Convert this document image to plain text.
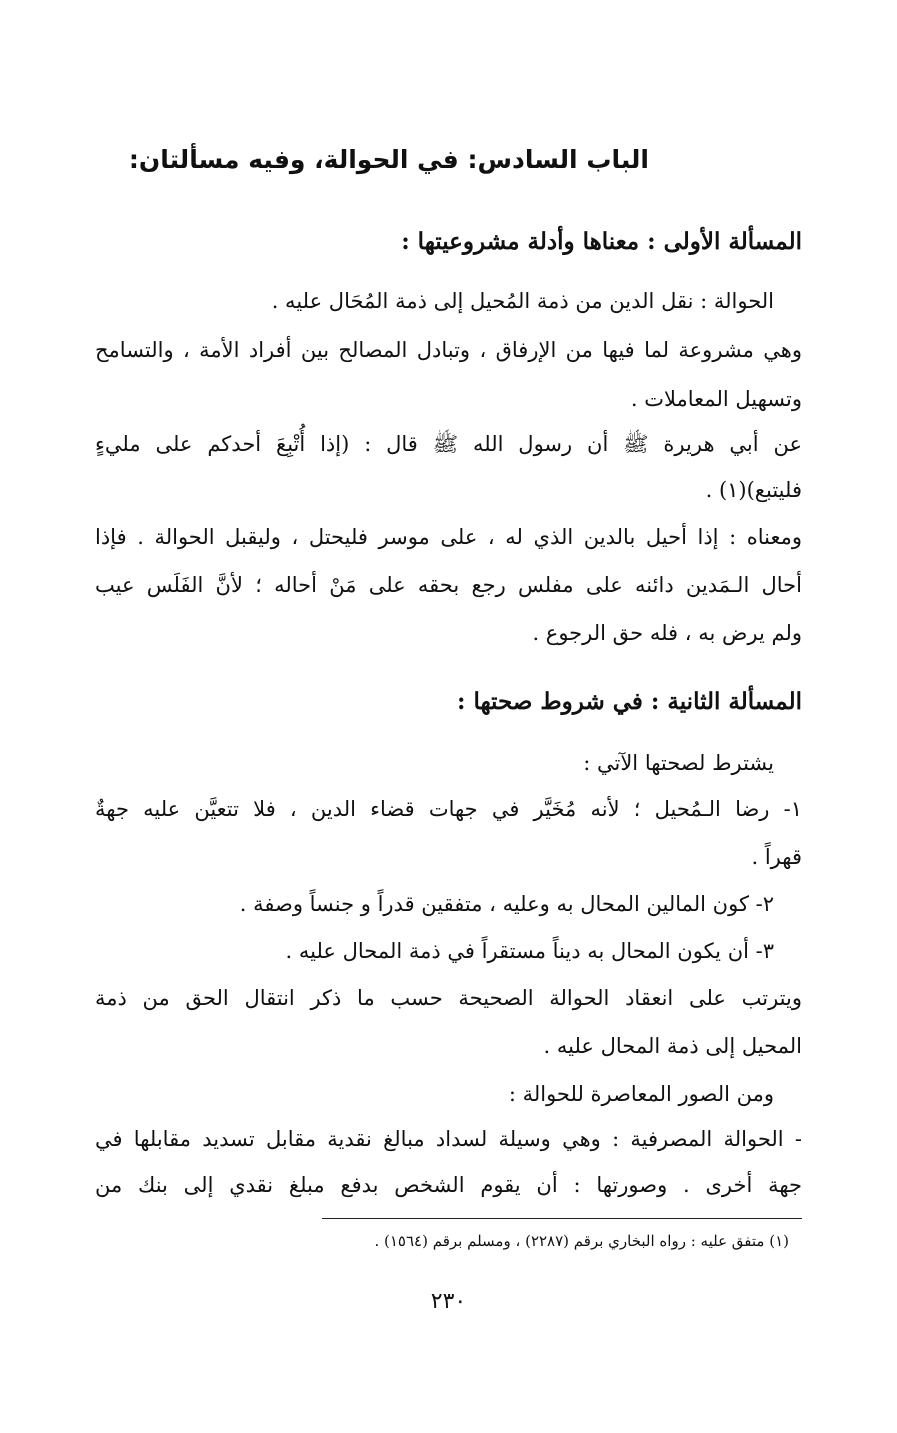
الباب السادس: في الحوالة، وفيه مسألتان:
المسألة الأولى : معناها وأدلة مشروعيتها :
الحوالة : نقل الدين من ذمة المُحيل إلى ذمة المُحَال عليه .
وهي مشروعة لما فيها من الإرفاق ، وتبادل المصالح بين أفراد الأمة ، والتسامح
وتسهيل المعاملات .
عن أبي هريرة ﷺ أن رسول الله ﷺ قال : (إذا أُتْبِعَ أحدكم على مليءٍ
فليتبع)(١) .
ومعناه : إذا أحيل بالدين الذي له ، على موسر فليحتل ، وليقبل الحوالة . فإذا
أحال الـمَدين دائنه على مفلس رجع بحقه على مَنْ أحاله ؛ لأنَّ الفَلَس عيب
ولم يرض به ، فله حق الرجوع .
المسألة الثانية : في شروط صحتها :
يشترط لصحتها الآتي :
١- رضا الـمُحيل ؛ لأنه مُخَيَّر في جهات قضاء الدين ، فلا تتعيَّن عليه جهةٌ
قهراً .
٢- كون المالين المحال به وعليه ، متفقين قدراً و جنساً وصفة .
٣- أن يكون المحال به ديناً مستقراً في ذمة المحال عليه .
ويترتب على انعقاد الحوالة الصحيحة حسب ما ذكر انتقال الحق من ذمة
المحيل إلى ذمة المحال عليه .
ومن الصور المعاصرة للحوالة :
- الحوالة المصرفية : وهي وسيلة لسداد مبالغ نقدية مقابل تسديد مقابلها في
جهة أخرى . وصورتها : أن يقوم الشخص بدفع مبلغ نقدي إلى بنك من
(١) متفق عليه : رواه البخاري برقم (٢٢٨٧) ، ومسلم برقم (١٥٦٤) .
٢٣٠
